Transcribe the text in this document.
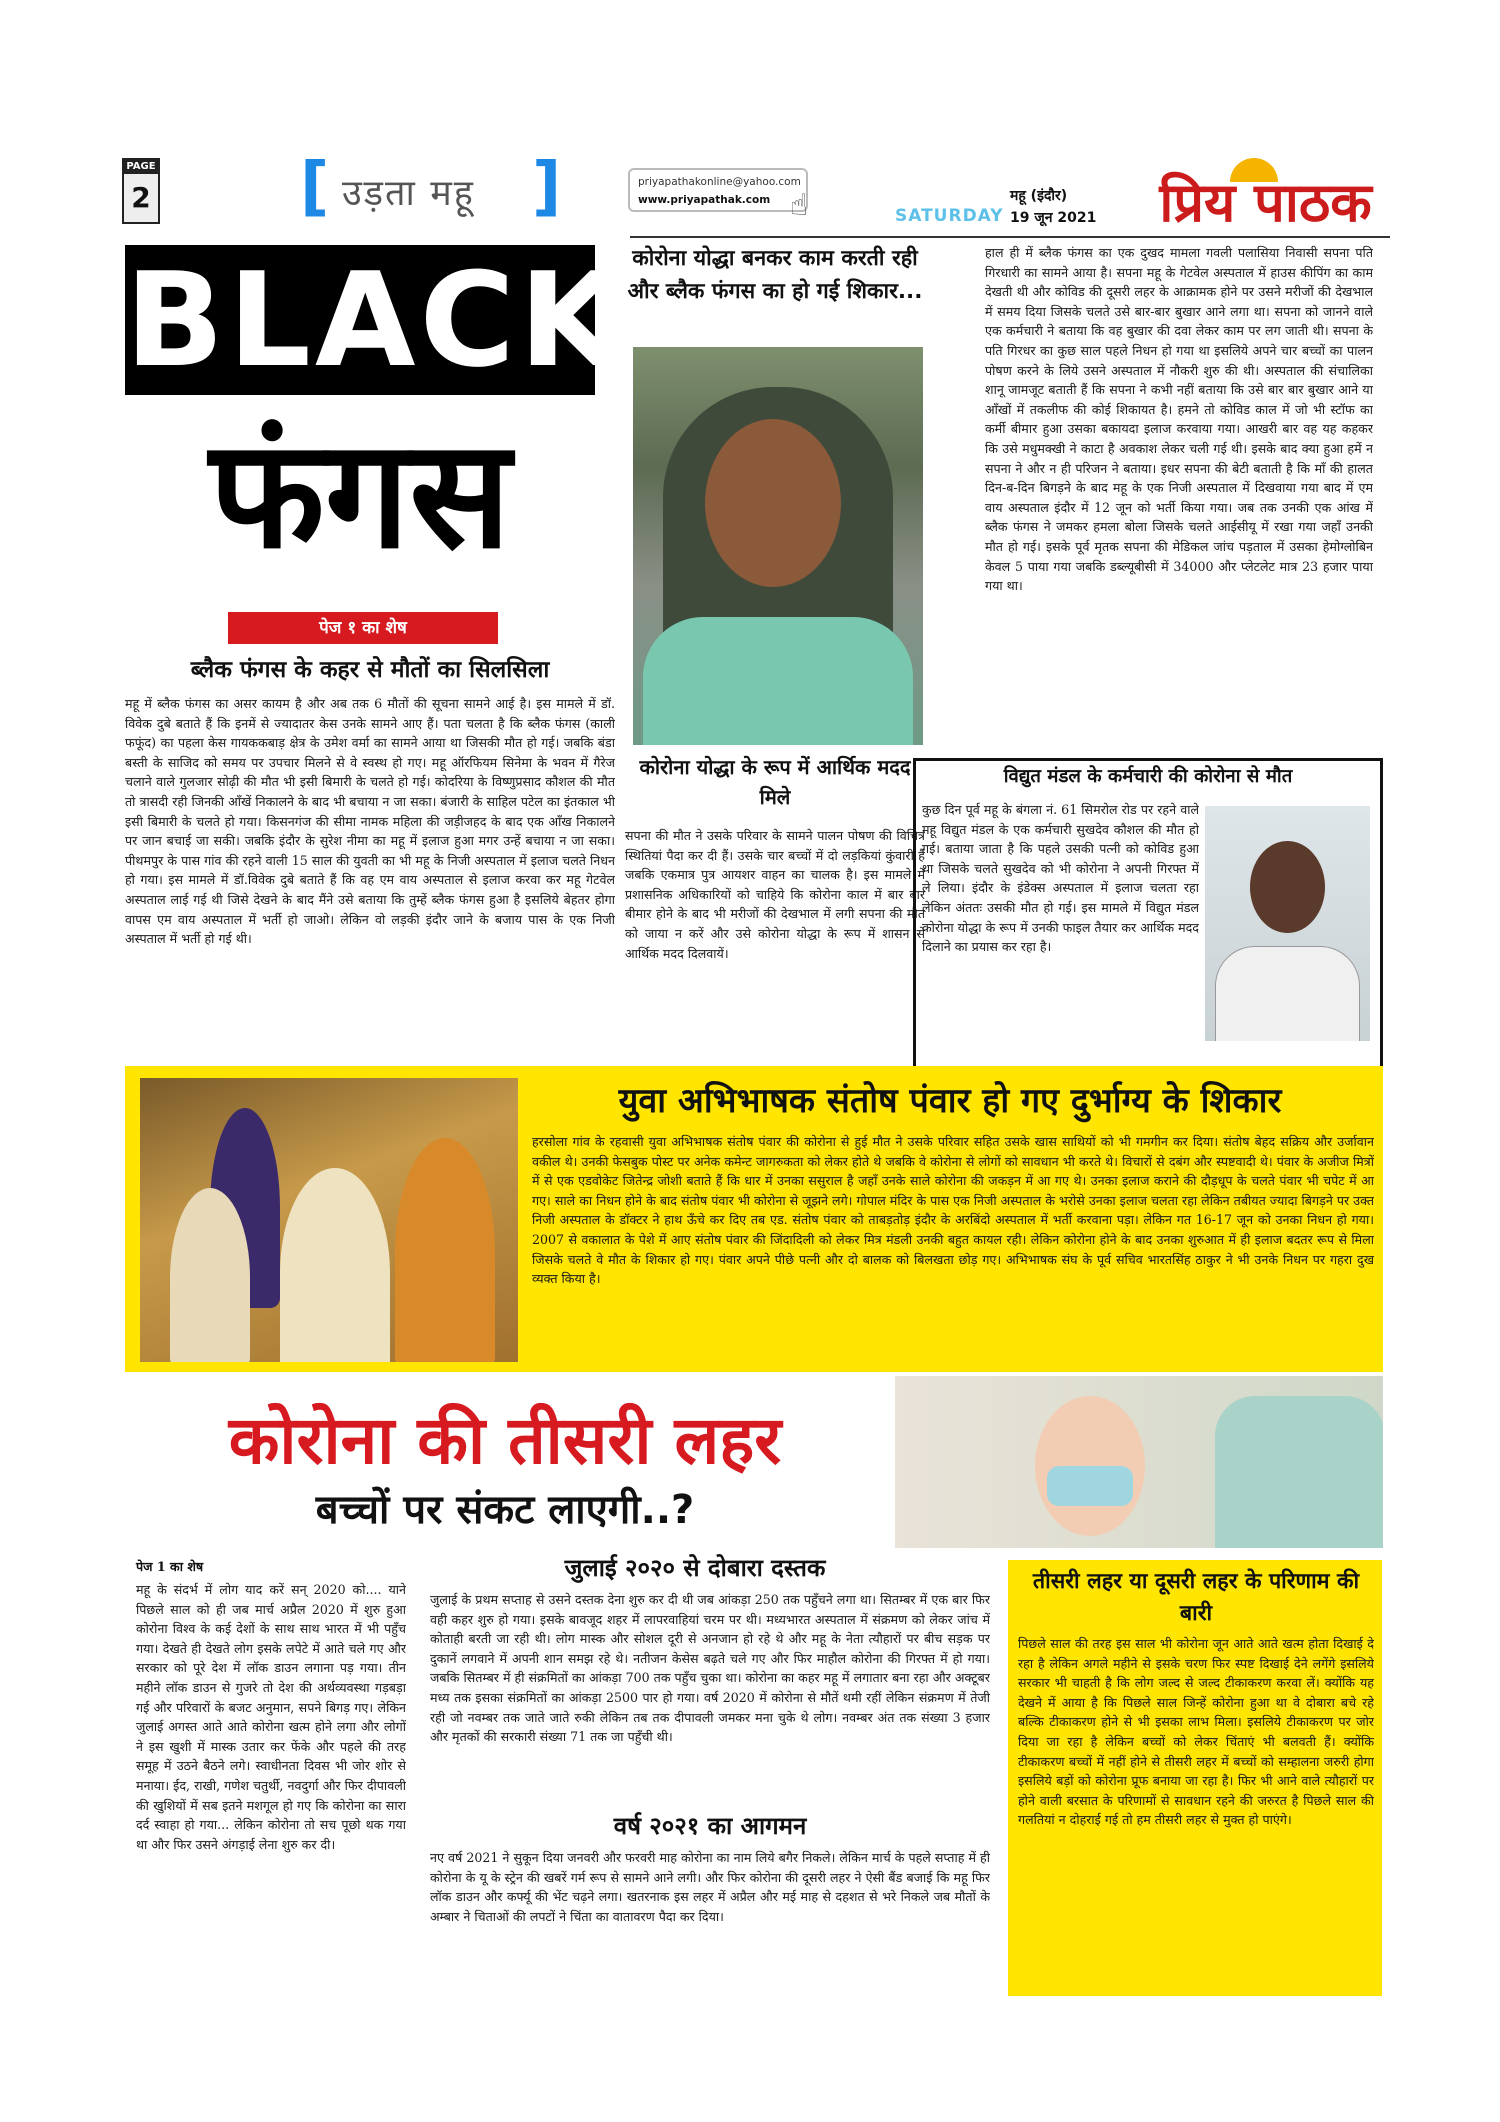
PAGE
2 [ उड़ता महू ]	priyapathakonline@yahoo.com
www.priyapathak.com ☝	SATURDAY
महू (इंदौर)
19 जून 2021 प्रिय पाठक
BLACK
फंगस
पेज १ का शेष
ब्लैक फंगस के कहर से मौतों का सिलसिला
महू में ब्लैक फंगस का असर कायम है और अब तक 6 मौतों की सूचना सामने आई है। इस मामले में डॉ. विवेक दुबे बताते हैं कि इनमें से ज्यादातर केस उनके सामने आए हैं। पता चलता है कि ब्लैक फंगस (काली फफूंद) का पहला केस गायककबाड़ क्षेत्र के उमेश वर्मा का सामने आया था जिसकी मौत हो गई। जबकि बंडा बस्ती के साजिद को समय पर उपचार मिलने से वे स्वस्थ हो गए। महू ऑरफियम सिनेमा के भवन में गैरेज चलाने वाले गुलजार सोढ़ी की मौत भी इसी बिमारी के चलते हो गई। कोदरिया के विष्णुप्रसाद कौशल की मौत तो त्रासदी रही जिनकी आँखें निकालने के बाद भी बचाया न जा सका। बंजारी के साहिल पटेल का इंतकाल भी इसी बिमारी के चलते हो गया। किसनगंज की सीमा नामक महिला की जड़ीजहद के बाद एक आँख निकालने पर जान बचाई जा सकी। जबकि इंदौर के सुरेश नीमा का महू में इलाज हुआ मगर उन्हें बचाया न जा सका। पीथमपुर के पास गांव की रहने वाली 15 साल की युवती का भी महू के निजी अस्पताल में इलाज चलते निधन हो गया। इस मामले में डॉ.विवेक दुबे बताते हैं कि वह एम वाय अस्पताल से इलाज करवा कर महू गेटवेल अस्पताल लाई गई थी जिसे देखने के बाद मैंने उसे बताया कि तुम्हें ब्लैक फंगस हुआ है इसलिये बेहतर होगा वापस एम वाय अस्पताल में भर्ती हो जाओ। लेकिन वो लड़की इंदौर जाने के बजाय पास के एक निजी अस्पताल में भर्ती हो गई थी।
कोरोना योद्धा बनकर काम करती रही और ब्लैक फंगस का हो गई शिकार...
कोरोना योद्धा के रूप में आर्थिक मदद मिले
सपना की मौत ने उसके परिवार के सामने पालन पोषण की विचित्र स्थितियां पैदा कर दी हैं। उसके चार बच्चों में दो लड़कियां कुंवारी है जबकि एकमात्र पुत्र आयशर वाहन का चालक है। इस मामले में प्रशासनिक अधिकारियों को चाहिये कि कोरोना काल में बार बार बीमार होने के बाद भी मरीजों की देखभाल में लगी सपना की मौत को जाया न करें और उसे कोरोना योद्धा के रूप में शासन से आर्थिक मदद दिलवायें।
हाल ही में ब्लैक फंगस का एक दुखद मामला गवली पलासिया निवासी सपना पति गिरधारी का सामने आया है। सपना महू के गेटवेल अस्पताल में हाउस कीपिंग का काम देखती थी और कोविड की दूसरी लहर के आक्रामक होने पर उसने मरीजों की देखभाल में समय दिया जिसके चलते उसे बार-बार बुखार आने लगा था। सपना को जानने वाले एक कर्मचारी ने बताया कि वह बुखार की दवा लेकर काम पर लग जाती थी। सपना के पति गिरधर का कुछ साल पहले निधन हो गया था इसलिये अपने चार बच्चों का पालन पोषण करने के लिये उसने अस्पताल में नौकरी शुरु की थी। अस्पताल की संचालिका शानू जामजूट बताती हैं कि सपना ने कभी नहीं बताया कि उसे बार बार बुखार आने या आँखों में तकलीफ की कोई शिकायत है। हमने तो कोविड काल में जो भी स्टॉफ का कर्मी बीमार हुआ उसका बकायदा इलाज करवाया गया। आखरी बार वह यह कहकर कि उसे मधुमक्खी ने काटा है अवकाश लेकर चली गई थी। इसके बाद क्या हुआ हमें न सपना ने और न ही परिजन ने बताया। इधर सपना की बेटी बताती है कि माँ की हालत दिन-ब-दिन बिगड़ने के बाद महू के एक निजी अस्पताल में दिखवाया गया बाद में एम वाय अस्पताल इंदौर में 12 जून को भर्ती किया गया। जब तक उनकी एक आंख में ब्लैक फंगस ने जमकर हमला बोला जिसके चलते आईसीयू में रखा गया जहाँ उनकी मौत हो गई। इसके पूर्व मृतक सपना की मेडिकल जांच पड़ताल में उसका हेमोग्लोबिन केवल 5 पाया गया जबकि डब्ल्यूबीसी में 34000 और प्लेटलेट मात्र 23 हजार पाया गया था।
विद्युत मंडल के कर्मचारी की कोरोना से मौत
कुछ दिन पूर्व महू के बंगला नं. 61 सिमरोल रोड पर रहने वाले महू विद्युत मंडल के एक कर्मचारी सुखदेव कौशल की मौत हो गई। बताया जाता है कि पहले उसकी पत्नी को कोविड हुआ था जिसके चलते सुखदेव को भी कोरोना ने अपनी गिरफ्त में ले लिया। इंदौर के इंडेक्स अस्पताल में इलाज चलता रहा लेकिन अंततः उसकी मौत हो गई। इस मामले में विद्युत मंडल कोरोना योद्धा के रूप में उनकी फाइल तैयार कर आर्थिक मदद दिलाने का प्रयास कर रहा है।
युवा अभिभाषक संतोष पंवार हो गए दुर्भाग्य के शिकार
हरसोला गांव के रहवासी युवा अभिभाषक संतोष पंवार की कोरोना से हुई मौत ने उसके परिवार सहित उसके खास साथियों को भी गमगीन कर दिया। संतोष बेहद सक्रिय और उर्जावान वकील थे। उनकी फेसबुक पोस्ट पर अनेक कमेन्ट जागरुकता को लेकर होते थे जबकि वे कोरोना से लोगों को सावधान भी करते थे। विचारों से दबंग और स्पष्टवादी थे। पंवार के अजीज मित्रों में से एक एडवोकेट जितेन्द्र जोशी बताते हैं कि धार में उनका ससुराल है जहाँ उनके साले कोरोना की जकड़न में आ गए थे। उनका इलाज कराने की दौड़धूप के चलते पंवार भी चपेट में आ गए। साले का निधन होने के बाद संतोष पंवार भी कोरोना से जूझने लगे। गोपाल मंदिर के पास एक निजी अस्पताल के भरोसे उनका इलाज चलता रहा लेकिन तबीयत ज्यादा बिगड़ने पर उक्त निजी अस्पताल के डॉक्टर ने हाथ ऊँचे कर दिए तब एड. संतोष पंवार को ताबड़तोड़ इंदौर के अरबिंदो अस्पताल में भर्ती करवाना पड़ा। लेकिन गत 16-17 जून को उनका निधन हो गया। 2007 से वकालात के पेशे में आए संतोष पंवार की जिंदादिली को लेकर मित्र मंडली उनकी बहुत कायल रही। लेकिन कोरोना होने के बाद उनका शुरुआत में ही इलाज बदतर रूप से मिला जिसके चलते वे मौत के शिकार हो गए। पंवार अपने पीछे पत्नी और दो बालक को बिलखता छोड़ गए। अभिभाषक संघ के पूर्व सचिव भारतसिंह ठाकुर ने भी उनके निधन पर गहरा दुख व्यक्त किया है।
कोरोना की तीसरी लहर
बच्चों पर संकट लाएगी..?
पेज 1 का शेष
महू के संदर्भ में लोग याद करें सन् 2020 को.... याने पिछले साल को ही जब मार्च अप्रैल 2020 में शुरु हुआ कोरोना विश्व के कई देशों के साथ साथ भारत में भी पहुँच गया। देखते ही देखते लोग इसके लपेटे में आते चले गए और सरकार को पूरे देश में लॉक डाउन लगाना पड़ गया। तीन महीने लॉक डाउन से गुजरे तो देश की अर्थव्यवस्था गड़बड़ा गई और परिवारों के बजट अनुमान, सपने बिगड़ गए। लेकिन जुलाई अगस्त आते आते कोरोना खत्म होने लगा और लोगों ने इस खुशी में मास्क उतार कर फेंके और पहले की तरह समूह में उठने बैठने लगे। स्वाधीनता दिवस भी जोर शोर से मनाया। ईद, राखी, गणेश चतुर्थी, नवदुर्गा और फिर दीपावली की खुशियों में सब इतने मशगूल हो गए कि कोरोना का सारा दर्द स्वाहा हो गया... लेकिन कोरोना तो सच पूछो थक गया था और फिर उसने अंगड़ाई लेना शुरु कर दी।
जुलाई २०२० से दोबारा दस्तक
जुलाई के प्रथम सप्ताह से उसने दस्तक देना शुरु कर दी थी जब आंकड़ा 250 तक पहुँचने लगा था। सितम्बर में एक बार फिर वही कहर शुरु हो गया। इसके बावजूद शहर में लापरवाहियां चरम पर थी। मध्यभारत अस्पताल में संक्रमण को लेकर जांच में कोताही बरती जा रही थी। लोग मास्क और सोशल दूरी से अनजान हो रहे थे और महू के नेता त्यौहारों पर बीच सड़क पर दुकानें लगवाने में अपनी शान समझ रहे थे। नतीजन केसेस बढ़ते चले गए और फिर माहौल कोरोना की गिरफ्त में हो गया। जबकि सितम्बर में ही संक्रमितों का आंकड़ा 700 तक पहुँच चुका था। कोरोना का कहर महू में लगातार बना रहा और अक्टूबर मध्य तक इसका संक्रमितों का आंकड़ा 2500 पार हो गया। वर्ष 2020 में कोरोना से मौतें थमी रहीं लेकिन संक्रमण में तेजी रही जो नवम्बर तक जाते जाते रुकी लेकिन तब तक दीपावली जमकर मना चुके थे लोग। नवम्बर अंत तक संख्या 3 हजार और मृतकों की सरकारी संख्या 71 तक जा पहुँची थी।
वर्ष २०२१ का आगमन
नए वर्ष 2021 ने सुकून दिया जनवरी और फरवरी माह कोरोना का नाम लिये बगैर निकले। लेकिन मार्च के पहले सप्ताह में ही कोरोना के यू के स्ट्रेन की खबरें गर्म रूप से सामने आने लगी। और फिर कोरोना की दूसरी लहर ने ऐसी बैंड बजाई कि महू फिर लॉक डाउन और कर्फ्यू की भेंट चढ़ने लगा। खतरनाक इस लहर में अप्रैल और मई माह से दहशत से भरे निकले जब मौतों के अम्बार ने चिताओं की लपटों ने चिंता का वातावरण पैदा कर दिया।
तीसरी लहर या दूसरी लहर के परिणाम की बारी
पिछले साल की तरह इस साल भी कोरोना जून आते आते खत्म होता दिखाई दे रहा है लेकिन अगले महीने से इसके चरण फिर स्पष्ट दिखाई देने लगेंगे इसलिये सरकार भी चाहती है कि लोग जल्द से जल्द टीकाकरण करवा लें। क्योंकि यह देखने में आया है कि पिछले साल जिन्हें कोरोना हुआ था वे दोबारा बचे रहे बल्कि टीकाकरण होने से भी इसका लाभ मिला। इसलिये टीकाकरण पर जोर दिया जा रहा है लेकिन बच्चों को लेकर चिंताएं भी बलवती हैं। क्योंकि टीकाकरण बच्चों में नहीं होने से तीसरी लहर में बच्चों को सम्हालना जरुरी होगा इसलिये बड़ों को कोरोना प्रूफ बनाया जा रहा है। फिर भी आने वाले त्यौहारों पर होने वाली बरसात के परिणामों से सावधान रहने की जरुरत है पिछले साल की गलतियां न दोहराई गई तो हम तीसरी लहर से मुक्त हो पाएंगे।
